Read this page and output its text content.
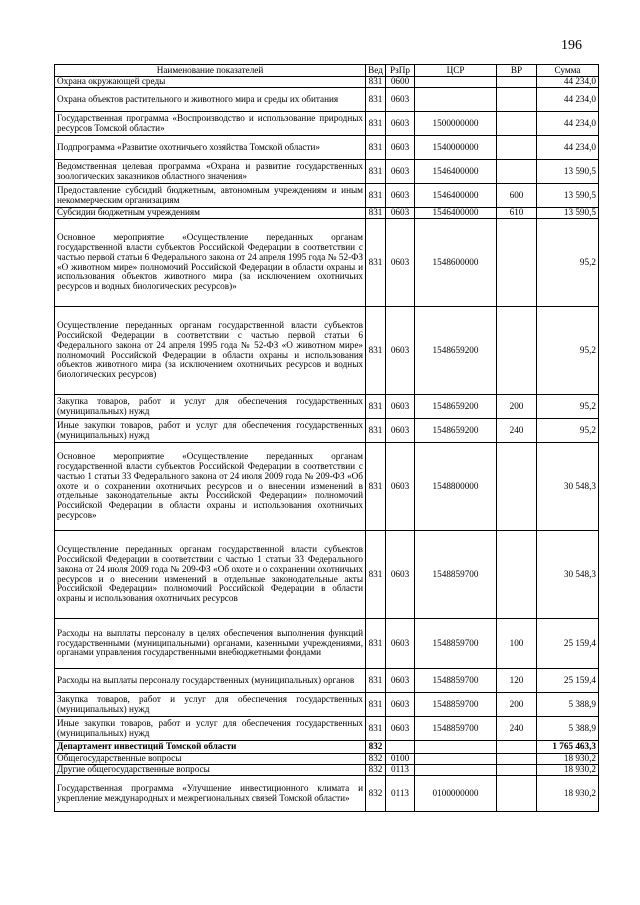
196
Наименование показателей	Вед	РзПр	ЦСР	ВР	Сумма
Охрана окружающей среды	831	0600			44 234,0
Охрана объектов растительного и животного мира и среды их обитания	831	0603			44 234,0
Государственная программа «Воспроизводство и использование природных ресурсов Томской области»	831	0603	1500000000		44 234,0
Подпрограмма «Развитие охотничьего хозяйства Томской области»	831	0603	1540000000		44 234,0
Ведомственная целевая программа «Охрана и развитие государственных зоологических заказников областного значения»	831	0603	1546400000		13 590,5
Предоставление субсидий бюджетным, автономным учреждениям и иным некоммерческим организациям	831	0603	1546400000	600	13 590,5
Субсидии бюджетным учреждениям	831	0603	1546400000	610	13 590,5
Основное мероприятие «Осуществление переданных органам государственной власти субъектов Российской Федерации в соответствии с частью первой статьи 6 Федерального закона от 24 апреля 1995 года № 52-ФЗ «О животном мире» полномочий Российской Федерации в области охраны и использования объектов животного мира (за исключением охотничьих ресурсов и водных биологических ресурсов)»	831	0603	1548600000		95,2
Осуществление переданных органам государственной власти субъектов Российской Федерации в соответствии с частью первой статьи 6 Федерального закона от 24 апреля 1995 года № 52-ФЗ «О животном мире» полномочий Российской Федерации в области охраны и использования объектов животного мира (за исключением охотничьих ресурсов и водных биологических ресурсов)	831	0603	1548659200		95,2
Закупка товаров, работ и услуг для обеспечения государственных (муниципальных) нужд	831	0603	1548659200	200	95,2
Иные закупки товаров, работ и услуг для обеспечения государственных (муниципальных) нужд	831	0603	1548659200	240	95,2
Основное мероприятие «Осуществление переданных органам государственной власти субъектов Российской Федерации в соответствии с частью 1 статьи 33 Федерального закона от 24 июля 2009 года № 209-ФЗ «Об охоте и о сохранении охотничьих ресурсов и о внесении изменений в отдельные законодательные акты Российской Федерации» полномочий Российской Федерации в области охраны и использования охотничьих ресурсов»	831	0603	1548800000		30 548,3
Осуществление переданных органам государственной власти субъектов Российской Федерации в соответствии с частью 1 статьи 33 Федерального закона от 24 июля 2009 года № 209-ФЗ «Об охоте и о сохранении охотничьих ресурсов и о внесении изменений в отдельные законодательные акты Российской Федерации» полномочий Российской Федерации в области охраны и использования охотничьих ресурсов	831	0603	1548859700		30 548,3
Расходы на выплаты персоналу в целях обеспечения выполнения функций государственными (муниципальными) органами, казенными учреждениями, органами управления государственными внебюджетными фондами	831	0603	1548859700	100	25 159,4
Расходы на выплаты персоналу государственных (муниципальных) органов	831	0603	1548859700	120	25 159,4
Закупка товаров, работ и услуг для обеспечения государственных (муниципальных) нужд	831	0603	1548859700	200	5 388,9
Иные закупки товаров, работ и услуг для обеспечения государственных (муниципальных) нужд	831	0603	1548859700	240	5 388,9
Департамент инвестиций Томской области	832				1 765 463,3
Общегосударственные вопросы	832	0100			18 930,2
Другие общегосударственные вопросы	832	0113			18 930,2
Государственная программа «Улучшение инвестиционного климата и укрепление международных и межрегиональных связей Томской области»	832	0113	0100000000		18 930,2
